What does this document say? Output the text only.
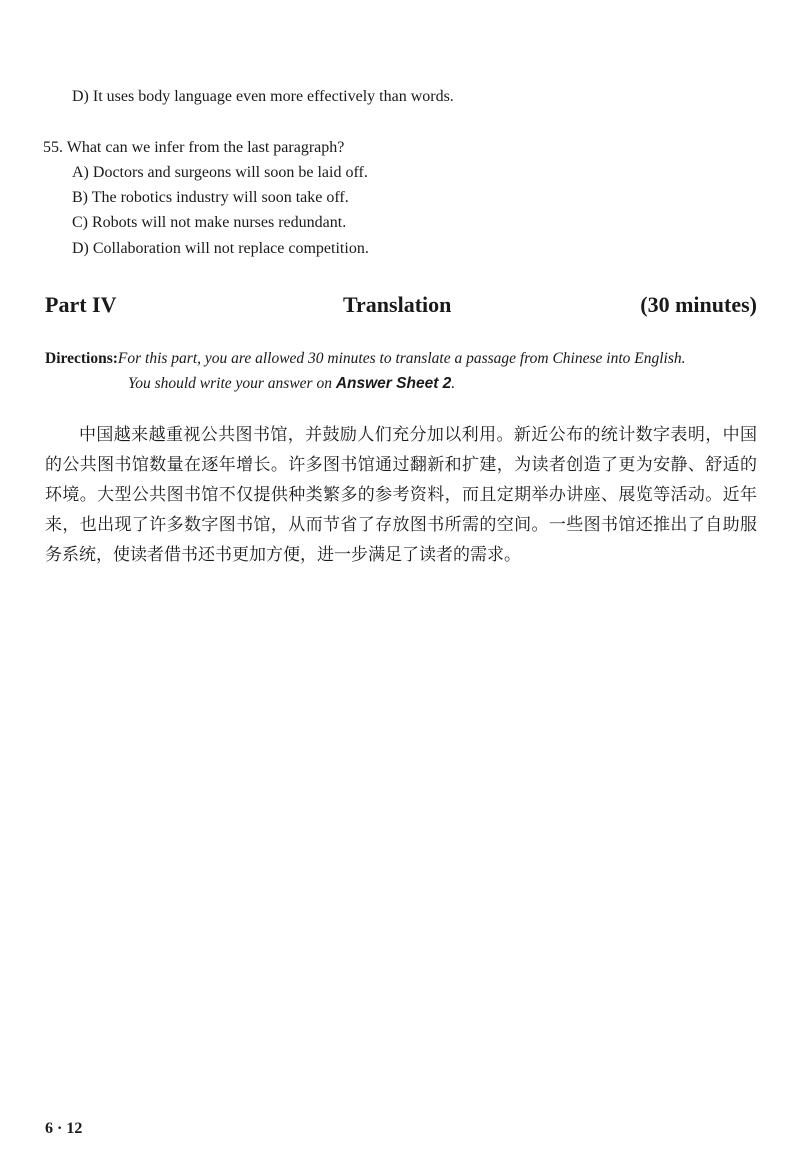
D) It uses body language even more effectively than words.
55. What can we infer from the last paragraph?
A) Doctors and surgeons will soon be laid off.
B) The robotics industry will soon take off.
C) Robots will not make nurses redundant.
D) Collaboration will not replace competition.
Part IV	Translation	(30 minutes)
Directions:For this part, you are allowed 30 minutes to translate a passage from Chinese into English.
You should write your answer on Answer Sheet 2.
中国越来越重视公共图书馆，并鼓励人们充分加以利用。新近公布的统计数字表明，中国的公共图书馆数量在逐年增长。许多图书馆通过翻新和扩建，为读者创造了更为安静、舒适的环境。大型公共图书馆不仅提供种类繁多的参考资料，而且定期举办讲座、展览等活动。近年来，也出现了许多数字图书馆，从而节省了存放图书所需的空间。一些图书馆还推出了自助服务系统，使读者借书还书更加方便，进一步满足了读者的需求。
6 · 12
